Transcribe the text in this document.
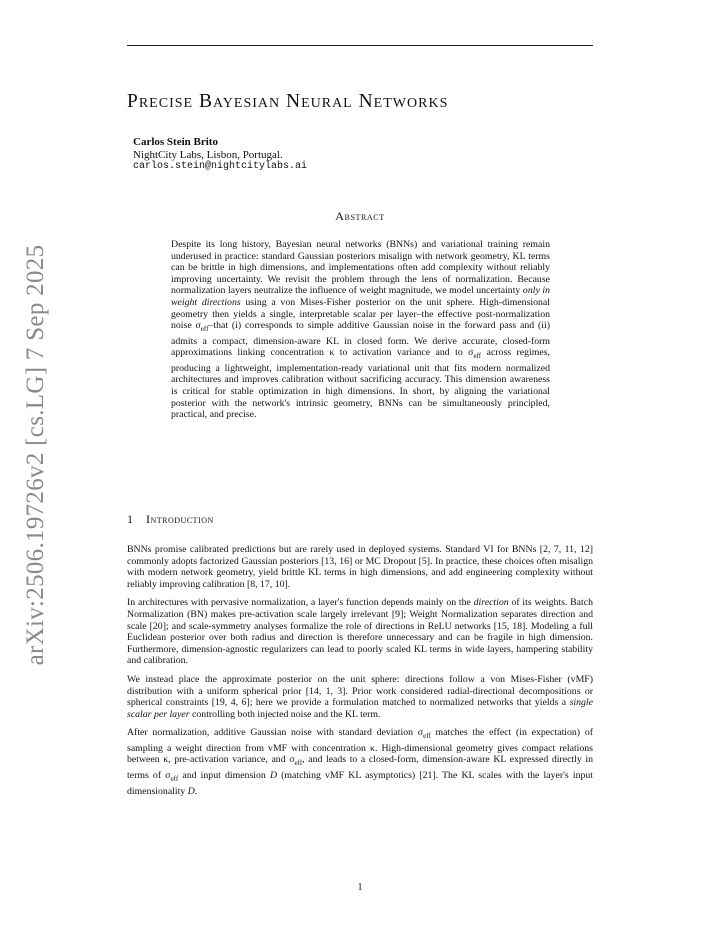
arXiv:2506.19726v2 [cs.LG] 7 Sep 2025
Precise Bayesian Neural Networks
Carlos Stein Brito
NightCity Labs, Lisbon, Portugal.
carlos.stein@nightcitylabs.ai
Abstract

Despite its long history, Bayesian neural networks (BNNs) and variational training remain underused in practice: standard Gaussian posteriors misalign with network geometry, KL terms can be brittle in high dimensions, and implementations often add complexity without reliably improving uncertainty. We revisit the problem through the lens of normalization. Because normalization layers neutralize the influence of weight magnitude, we model uncertainty only in weight directions using a von Mises-Fisher posterior on the unit sphere. High-dimensional geometry then yields a single, interpretable scalar per layer–the effective post-normalization noise $\sigma_{eff}$–that (i) corresponds to simple additive Gaussian noise in the forward pass and (ii) admits a compact, dimension-aware KL in closed form. We derive accurate, closed-form approximations linking concentration κ to activation variance and to $\sigma_{eff}$ across regimes, producing a lightweight, implementation-ready variational unit that fits modern normalized architectures and improves calibration without sacrificing accuracy. This dimension awareness is critical for stable optimization in high dimensions. In short, by aligning the variational posterior with the network's intrinsic geometry, BNNs can be simultaneously principled, practical, and precise.

1 Introduction

BNNs promise calibrated predictions but are rarely used in deployed systems. Standard VI for BNNs [2, 7, 11, 12] commonly adopts factorized Gaussian posteriors [13, 16] or MC Dropout [5]. In practice, these choices often misalign with modern network geometry, yield brittle KL terms in high dimensions, and add engineering complexity without reliably improving calibration [8, 17, 10].

In architectures with pervasive normalization, a layer's function depends mainly on the direction of its weights. Batch Normalization (BN) makes pre-activation scale largely irrelevant [9]; Weight Normalization separates direction and scale [20]; and scale-symmetry analyses formalize the role of directions in ReLU networks [15, 18]. Modeling a full Euclidean posterior over both radius and direction is therefore unnecessary and can be fragile in high dimension. Furthermore, dimension-agnostic regularizers can lead to poorly scaled KL terms in wide layers, hampering stability and calibration.

We instead place the approximate posterior on the unit sphere: directions follow a von Mises-Fisher (vMF) distribution with a uniform spherical prior [14, 1, 3]. Prior work considered radial-directional decompositions or spherical constraints [19, 4, 6]; here we provide a formulation matched to normalized networks that yields a single scalar per layer controlling both injected noise and the KL term.

After normalization, additive Gaussian noise with standard deviation $\sigma_{eff}$ matches the effect (in expectation) of sampling a weight direction from vMF with concentration κ. High-dimensional geometry gives compact relations between κ, pre-activation variance, and $\sigma_{eff}$, and leads to a closed-form, dimension-aware KL expressed directly in terms of $\sigma_{eff}$ and input dimension D (matching vMF KL asymptotics) [21]. The KL scales with the layer's input dimensionality D.

1
